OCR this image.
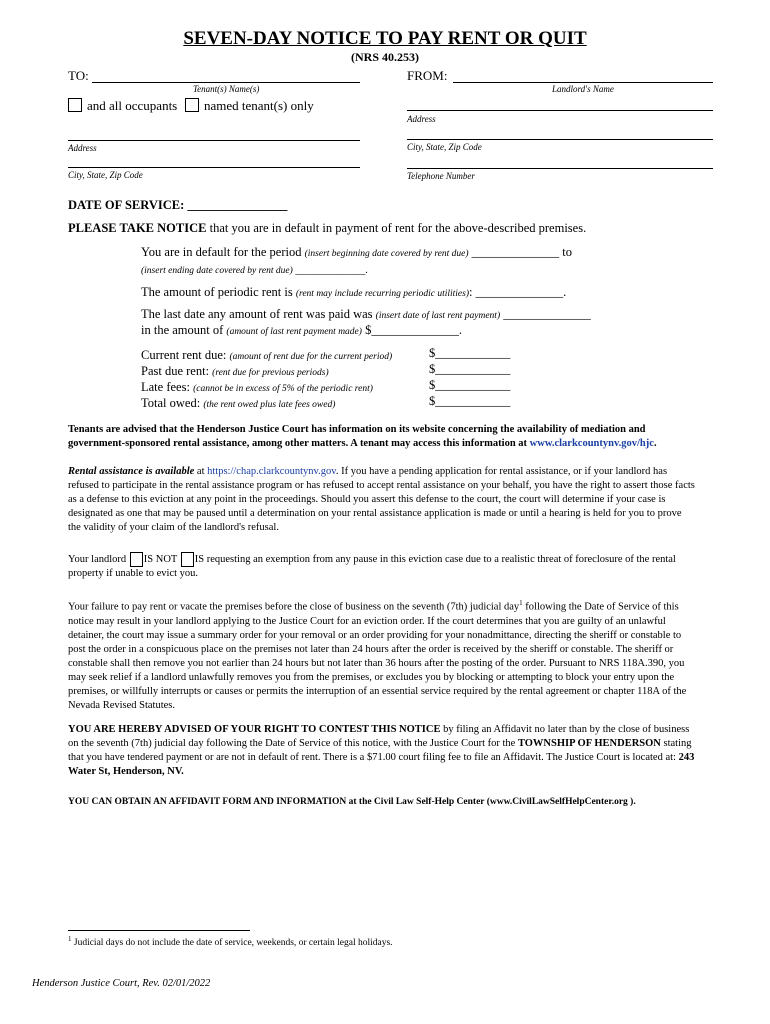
SEVEN-DAY NOTICE TO PAY RENT OR QUIT
(NRS 40.253)
TO:
Tenant(s) Name(s)
and all occupants named tenant(s) only
Address
City, State, Zip Code
FROM:
Landlord's Name
Address
City, State, Zip Code
Telephone Number
DATE OF SERVICE: ________________
PLEASE TAKE NOTICE that you are in default in payment of rent for the above-described premises.
You are in default for the period (insert beginning date covered by rent due) ______________ to
(insert ending date covered by rent due) ______________.
The amount of periodic rent is (rent may include recurring periodic utilities): ______________.
The last date any amount of rent was paid was (insert date of last rent payment) ______________
in the amount of (amount of last rent payment made) $______________.
Current rent due: (amount of rent due for the current period)	$____________
Past due rent: (rent due for previous periods)	$____________
Late fees: (cannot be in excess of 5% of the periodic rent)	$____________
Total owed: (the rent owed plus late fees owed)	$____________
Tenants are advised that the Henderson Justice Court has information on its website concerning the availability of mediation and government-sponsored rental assistance, among other matters. A tenant may access this information at www.clarkcountynv.gov/hjc.
Rental assistance is available at https://chap.clarkcountynv.gov. If you have a pending application for rental assistance, or if your landlord has refused to participate in the rental assistance program or has refused to accept rental assistance on your behalf, you have the right to assert those facts as a defense to this eviction at any point in the proceedings. Should you assert this defense to the court, the court will determine if your case is designated as one that may be paused until a determination on your rental assistance application is made or until a hearing is held for you to prove the validity of your claim of the landlord's refusal.
Your landlord IS NOT IS requesting an exemption from any pause in this eviction case due to a realistic threat of foreclosure of the rental property if unable to evict you.
Your failure to pay rent or vacate the premises before the close of business on the seventh (7th) judicial day$^1$ following the Date of Service of this notice may result in your landlord applying to the Justice Court for an eviction order. If the court determines that you are guilty of an unlawful detainer, the court may issue a summary order for your removal or an order providing for your nonadmittance, directing the sheriff or constable to post the order in a conspicuous place on the premises not later than 24 hours after the order is received by the sheriff or constable. The sheriff or constable shall then remove you not earlier than 24 hours but not later than 36 hours after the posting of the order. Pursuant to NRS 118A.390, you may seek relief if a landlord unlawfully removes you from the premises, or excludes you by blocking or attempting to block your entry upon the premises, or willfully interrupts or causes or permits the interruption of an essential service required by the rental agreement or chapter 118A of the Nevada Revised Statutes.
YOU ARE HEREBY ADVISED OF YOUR RIGHT TO CONTEST THIS NOTICE by filing an Affidavit no later than by the close of business on the seventh (7th) judicial day following the Date of Service of this notice, with the Justice Court for the TOWNSHIP OF HENDERSON stating that you have tendered payment or are not in default of rent. There is a $71.00 court filing fee to file an Affidavit. The Justice Court is located at: 243 Water St, Henderson, NV.
YOU CAN OBTAIN AN AFFIDAVIT FORM AND INFORMATION at the Civil Law Self-Help Center (www.CivilLawSelfHelpCenter.org ).
$^1$ Judicial days do not include the date of service, weekends, or certain legal holidays.
Henderson Justice Court, Rev. 02/01/2022
